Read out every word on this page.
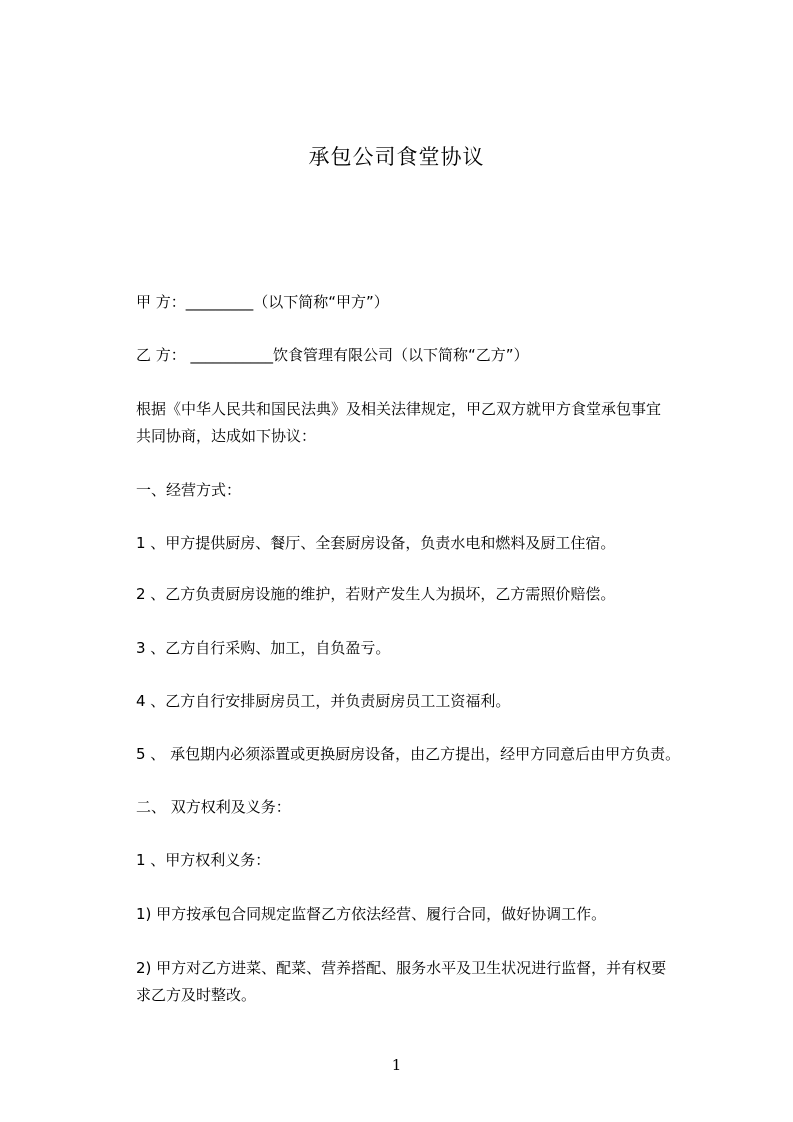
承包公司食堂协议
甲 方：_________（以下简称“甲方”）
乙 方： ___________饮食管理有限公司（以下简称“乙方”）
根据《中华人民共和国民法典》及相关法律规定，甲乙双方就甲方食堂承包事宜
共同协商，达成如下协议：
一、经营方式：
1 、甲方提供厨房、餐厅、全套厨房设备，负责水电和燃料及厨工住宿。
2 、乙方负责厨房设施的维护，若财产发生人为损坏，乙方需照价赔偿。
3 、乙方自行采购、加工，自负盈亏。
4 、乙方自行安排厨房员工，并负责厨房员工工资福利。
5 、 承包期内必须添置或更换厨房设备，由乙方提出，经甲方同意后由甲方负责。
二、 双方权利及义务：
1 、甲方权利义务：
1) 甲方按承包合同规定监督乙方依法经营、履行合同，做好协调工作。
2) 甲方对乙方进菜、配菜、营养搭配、服务水平及卫生状况进行监督，并有权要
求乙方及时整改。
1
